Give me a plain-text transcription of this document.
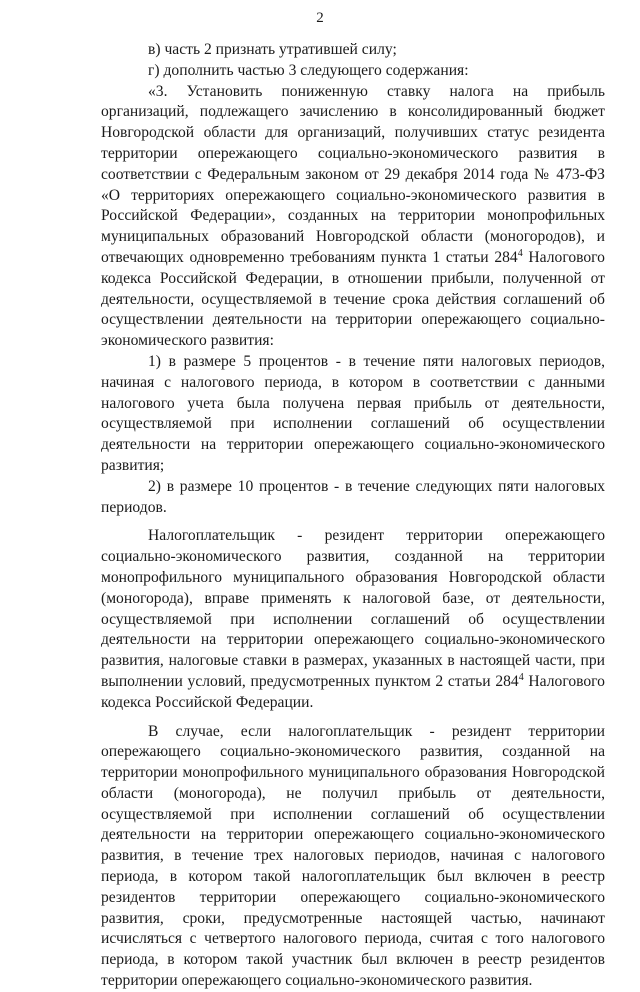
2

в) часть 2 признать утратившей силу;

г) дополнить частью 3 следующего содержания:

«3. Установить пониженную ставку налога на прибыль организаций, подлежащего зачислению в консолидированный бюджет Новгородской области для организаций, получивших статус резидента территории опережающего социально-экономического развития в соответствии с Федеральным законом от 29 декабря 2014 года № 473-ФЗ «О территориях опережающего социально-экономического развития в Российской Федерации», созданных на территории монопрофильных муниципальных образований Новгородской области (моногородов), и отвечающих одновременно требованиям пункта 1 статьи $284^4$ Налогового кодекса Российской Федерации, в отношении прибыли, полученной от деятельности, осуществляемой в течение срока действия соглашений об осуществлении деятельности на территории опережающего социально-экономического развития:

1) в размере 5 процентов - в течение пяти налоговых периодов, начиная с налогового периода, в котором в соответствии с данными налогового учета была получена первая прибыль от деятельности, осуществляемой при исполнении соглашений об осуществлении деятельности на территории опережающего социально-экономического развития;

2) в размере 10 процентов - в течение следующих пяти налоговых периодов.

Налогоплательщик - резидент территории опережающего социально-экономического развития, созданной на территории монопрофильного муниципального образования Новгородской области (моногорода), вправе применять к налоговой базе, от деятельности, осуществляемой при исполнении соглашений об осуществлении деятельности на территории опережающего социально-экономического развития, налоговые ставки в размерах, указанных в настоящей части, при выполнении условий, предусмотренных пунктом 2 статьи $284^4$ Налогового кодекса Российской Федерации.

В случае, если налогоплательщик - резидент территории опережающего социально-экономического развития, созданной на территории монопрофильного муниципального образования Новгородской области (моногорода), не получил прибыль от деятельности, осуществляемой при исполнении соглашений об осуществлении деятельности на территории опережающего социально-экономического развития, в течение трех налоговых периодов, начиная с налогового периода, в котором такой налогоплательщик был включен в реестр резидентов территории опережающего социально-экономического развития, сроки, предусмотренные настоящей частью, начинают исчисляться с четвертого налогового периода, считая с того налогового периода, в котором такой участник был включен в реестр резидентов территории опережающего социально-экономического развития.
